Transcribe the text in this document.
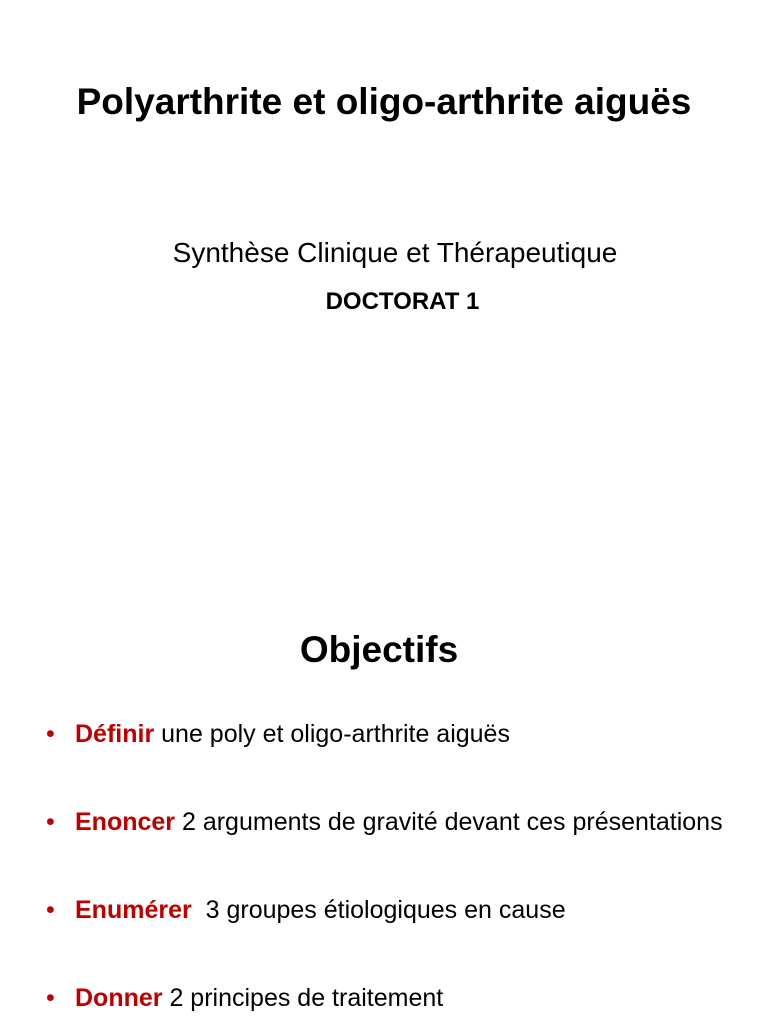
Polyarthrite et oligo-arthrite aiguës
Synthèse Clinique et Thérapeutique
DOCTORAT 1
Objectifs
• Définir une poly et oligo-arthrite aiguës
• Enoncer 2 arguments de gravité devant ces présentations
• Enumérer  3 groupes étiologiques en cause
• Donner 2 principes de traitement
